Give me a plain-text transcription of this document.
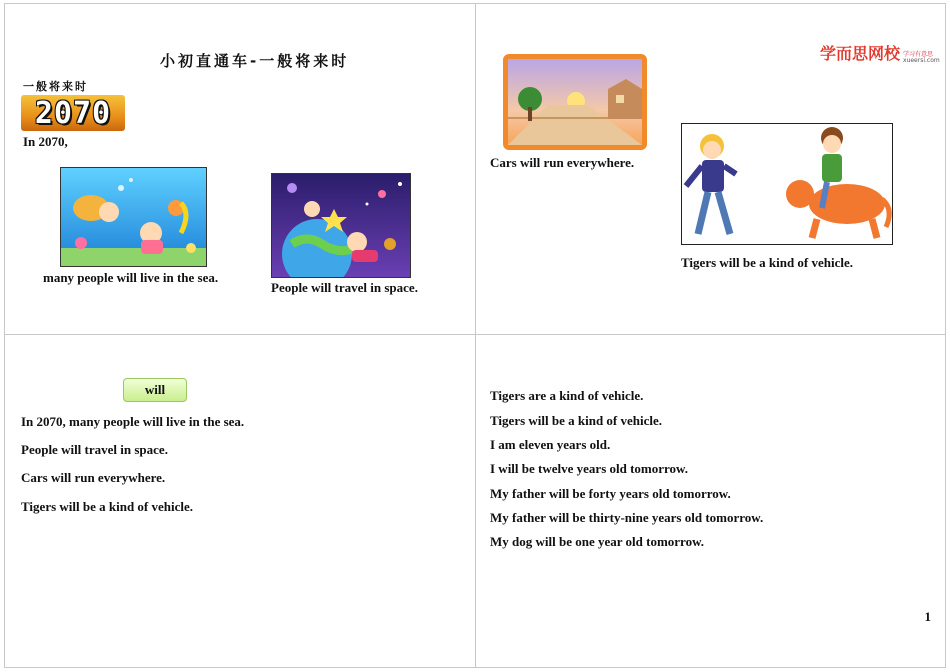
小初直通车-一般将来时
一般将来时
2070
In 2070,
many people will live in the sea.
People will travel in space.
学而思网校 学习有意思
xueersi.com
Cars will run everywhere.
Tigers will be a kind of vehicle.
will
In 2070, many people will live in the sea.
People will travel in space.
Cars will run everywhere.
Tigers will be a kind of vehicle.
Tigers are a kind of vehicle.
Tigers will be a kind of vehicle.
I am eleven years old.
I will be twelve years old tomorrow.
My father will be forty years old tomorrow.
My father will be thirty-nine years old tomorrow.
My dog will be one year old tomorrow.
1
